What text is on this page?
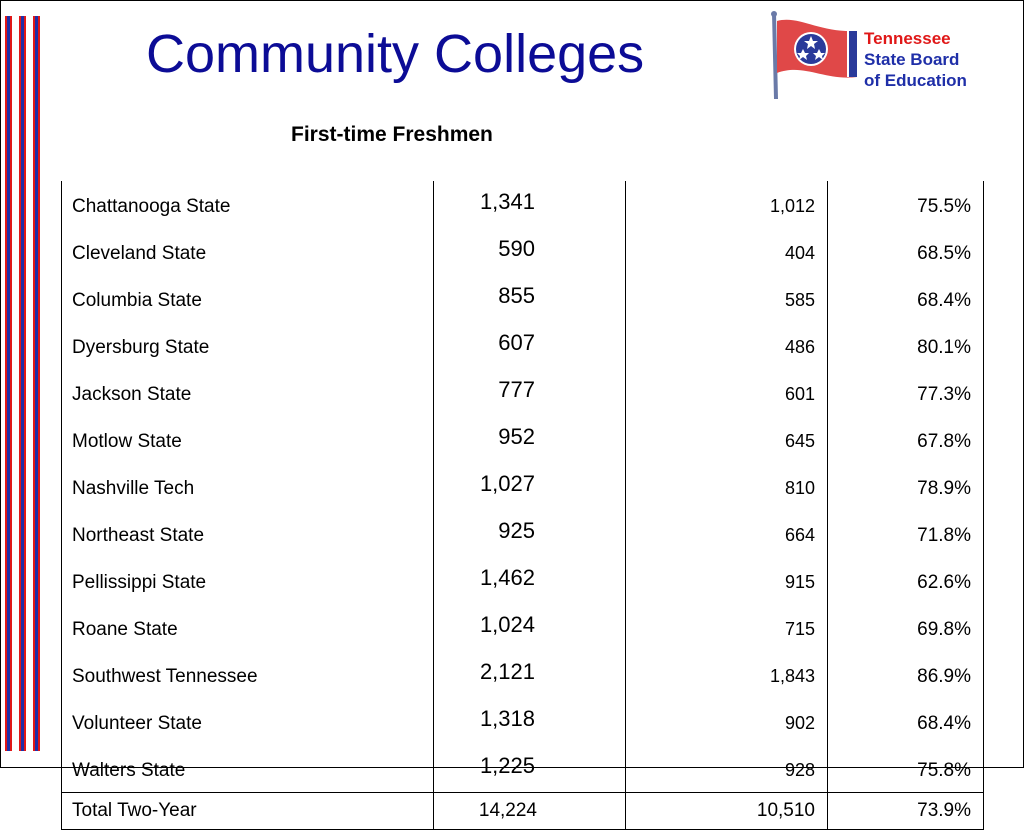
Community Colleges
First-time Freshmen
Tennessee
State Board
of Education
Chattanooga State	1,341	1,012	75.5%
Cleveland State	590	404	68.5%
Columbia State	855	585	68.4%
Dyersburg State	607	486	80.1%
Jackson State	777	601	77.3%
Motlow State	952	645	67.8%
Nashville Tech	1,027	810	78.9%
Northeast State	925	664	71.8%
Pellissippi State	1,462	915	62.6%
Roane State	1,024	715	69.8%
Southwest Tennessee	2,121	1,843	86.9%
Volunteer State	1,318	902	68.4%
Walters State	1,225	928	75.8%
Total Two-Year	14,224	10,510	73.9%
